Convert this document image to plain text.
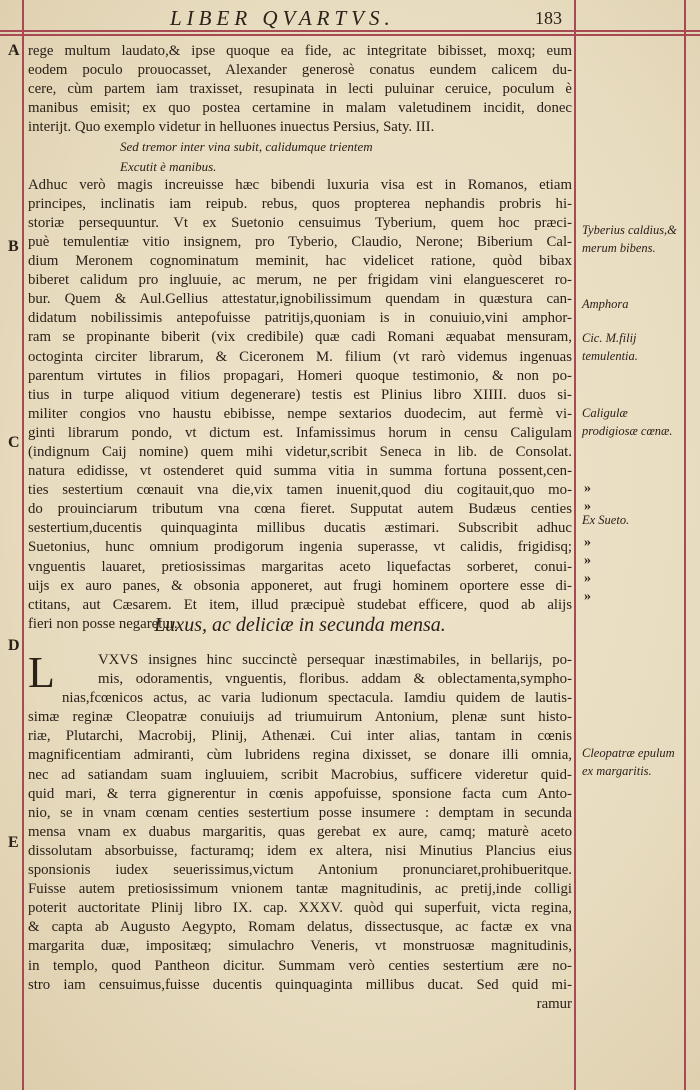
LIBER QVARTVS.	183
A
B
C
D
E
rege multum laudato,& ipse quoque ea fide, ac integritate bibisset, moxq; eum
eodem poculo prouocasset, Alexander generosè conatus eundem calicem du-
cere, cùm partem iam traxisset, resupinata in lecti puluinar ceruice, poculum è
manibus emisit; ex quo postea certamine in malam valetudinem incidit, donec
interijt. Quo exemplo videtur in helluones inuectus Persius, Saty. III.
Sed tremor inter vina subit, calidumque trientem
Excutit è manibus.
Adhuc verò magis increuisse hæc bibendi luxuria visa est in Romanos, etiam
principes, inclinatis iam reipub. rebus, quos propterea nephandis probris hi-
storiæ persequuntur. Vt ex Suetonio censuimus Tyberium, quem hoc præci-
puè temulentiæ vitio insignem, pro Tyberio, Claudio, Nerone; Biberium Cal-
dium Meronem cognominatum meminit, hac videlicet ratione, quòd bibax
biberet calidum pro ingluuie, ac merum, ne per frigidam vini elanguesceret ro-
bur. Quem & Aul.Gellius attestatur,ignobilissimum quendam in quæstura can-
didatum nobilissimis antepofuisse patritijs,quoniam is in conuiuio,vini amphor-
ram se propinante biberit (vix credibile) quæ cadi Romani æquabat mensuram,
octoginta circiter librarum, & Ciceronem M. filium (vt rarò videmus ingenuas
parentum virtutes in filios propagari, Homeri quoque testimonio, & non po-
tius in turpe aliquod vitium degenerare) testis est Plinius libro XIIII. duos si-
militer congios vno haustu ebibisse, nempe sextarios duodecim, aut fermè vi-
ginti librarum pondo, vt dictum est. Infamissimus horum in censu Caligulam
(indignum Caij nomine) quem mihi videtur,scribit Seneca in lib. de Consolat.
natura edidisse, vt ostenderet quid summa vitia in summa fortuna possent,cen-
ties sestertium cœnauit vna die,vix tamen inuenit,quod diu cogitauit,quo mo-
do prouinciarum tributum vna cœna fieret. Supputat autem Budæus centies
sestertium,ducentis quinquaginta millibus ducatis æstimari. Subscribit adhuc
Suetonius, hunc omnium prodigorum ingenia superasse, vt calidis, frigidisq;
vnguentis lauaret, pretiosissimas margaritas aceto liquefactas sorberet, conui-
uijs ex auro panes, & obsonia apponeret, aut frugi hominem oportere esse di-
ctitans, aut Cæsarem. Et item, illud præcipuè studebat efficere, quod ab alijs
fieri non posse negaretur.
Luxus, ac deliciæ in secunda mensa.
L	VXVS insignes hinc succinctè persequar inæstimabiles, in bellarijs, po-
mis, odoramentis, vnguentis, floribus. addam & oblectamenta,sympho-
nias,fcœnicos actus, ac varia ludionum spectacula. Iamdiu quidem de lautis-
simæ reginæ Cleopatræ conuiuijs ad triumuirum Antonium, plenæ sunt histo-
riæ, Plutarchi, Macrobij, Plinij, Athenæi. Cui inter alias, tantam in cœnis
magnificentiam admiranti, cùm lubridens regina dixisset, se donare illi omnia,
nec ad satiandam suam ingluuiem, scribit Macrobius, sufficere videretur quid-
quid mari, & terra gignerentur in cœnis appofuisse, sponsione facta cum Anto-
nio, se in vnam cœnam centies sestertium posse insumere : demptam in secunda
mensa vnam ex duabus margaritis, quas gerebat ex aure, camq; maturè aceto
dissolutam absorbuisse, facturamq; idem ex altera, nisi Minutius Plancius eius
sponsionis iudex seuerissimus,victum Antonium pronunciaret,prohibueritque.
Fuisse autem pretiosissimum vnionem tantæ magnitudinis, ac pretij,inde colligi
poterit auctoritate Plinij libro IX. cap. XXXV. quòd qui superfuit, victa regina,
& capta ab Augusto Aegypto, Romam delatus, dissectusque, ac factæ ex vna
margarita duæ, impositæq; simulachro Veneris, vt monstruosæ magnitudinis,
in templo, quod Pantheon dicitur. Summam verò centies sestertium ære no-
stro iam censuimus,fuisse ducentis quinquaginta millibus ducat. Sed quid mi-
ramur
Tyberius caldius,& merum bibens.
Amphora
Cic. M.filij temulentia.
Caligulæ prodigiosæ cœnæ.
»
»
Ex Sueto.
»
»
»
»
Cleopatræ epulum ex margaritis.
